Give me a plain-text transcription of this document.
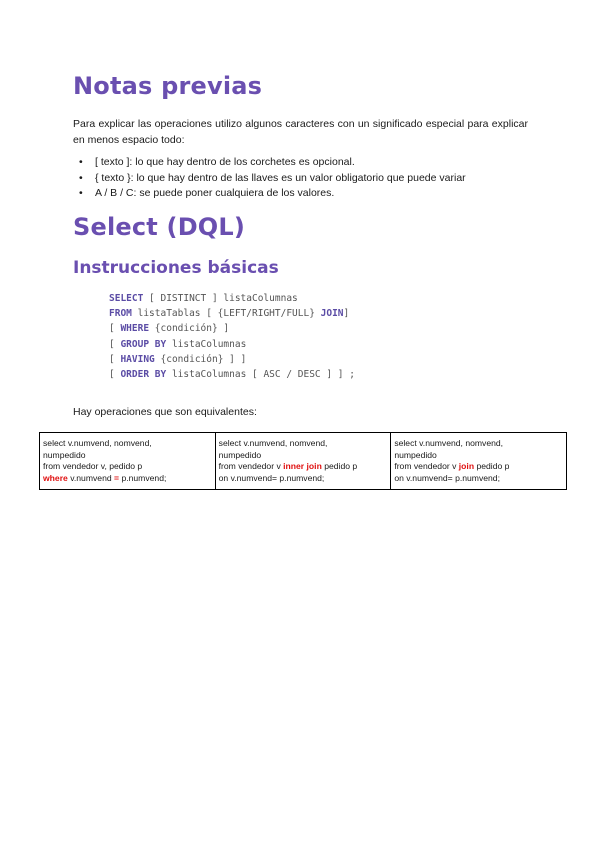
Notas previas

Para explicar las operaciones utilizo algunos caracteres con un significado especial para explicar en menos espacio todo:

• [ texto ]: lo que hay dentro de los corchetes es opcional.
• { texto }: lo que hay dentro de las llaves es un valor obligatorio que puede variar
• A / B / C: se puede poner cualquiera de los valores.
Select (DQL)
Instrucciones básicas
SELECT [ DISTINCT ] listaColumnas
FROM listaTablas [ {LEFT/RIGHT/FULL} JOIN]
[ WHERE {condición} ]
[ GROUP BY listaColumnas
[ HAVING {condición} ] ]
[ ORDER BY listaColumnas [ ASC / DESC ] ] ;
Hay operaciones que son equivalentes:
select v.numvend, nomvend,
numpedido
from vendedor v, pedido p
where v.numvend = p.numvend;

select v.numvend, nomvend,
numpedido
from vendedor v inner join pedido p
on v.numvend= p.numvend;

select v.numvend, nomvend,
numpedido
from vendedor v join pedido p
on v.numvend= p.numvend;
